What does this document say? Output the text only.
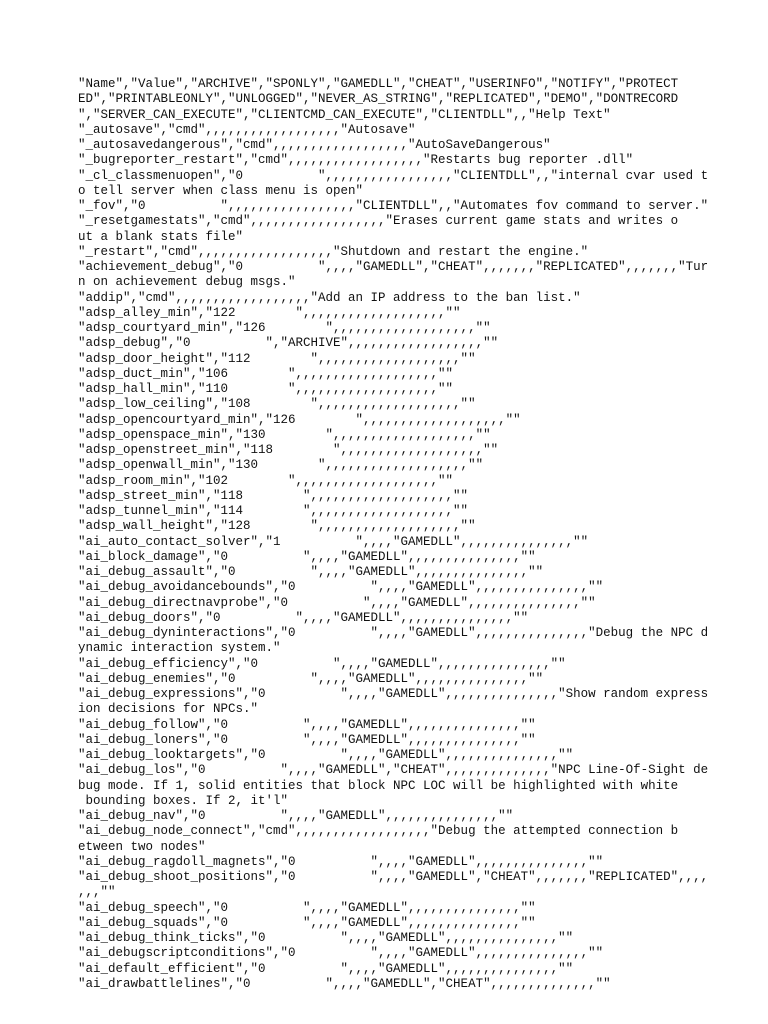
"Name","Value","ARCHIVE","SPONLY","GAMEDLL","CHEAT","USERINFO","NOTIFY","PROTECT
ED","PRINTABLEONLY","UNLOGGED","NEVER_AS_STRING","REPLICATED","DEMO","DONTRECORD
","SERVER_CAN_EXECUTE","CLIENTCMD_CAN_EXECUTE","CLIENTDLL",,"Help Text"
"_autosave","cmd",,,,,,,,,,,,,,,,,,"Autosave"
"_autosavedangerous","cmd",,,,,,,,,,,,,,,,,,"AutoSaveDangerous"
"_bugreporter_restart","cmd",,,,,,,,,,,,,,,,,,"Restarts bug reporter .dll"
"_cl_classmenuopen","0          ",,,,,,,,,,,,,,,,,"CLIENTDLL",,"internal cvar used t
o tell server when class menu is open"
"_fov","0          ",,,,,,,,,,,,,,,,,"CLIENTDLL",,"Automates fov command to server."
"_resetgamestats","cmd",,,,,,,,,,,,,,,,,,"Erases current game stats and writes o
ut a blank stats file"
"_restart","cmd",,,,,,,,,,,,,,,,,,"Shutdown and restart the engine."
"achievement_debug","0          ",,,,"GAMEDLL","CHEAT",,,,,,,"REPLICATED",,,,,,,"Tur
n on achievement debug msgs."
"addip","cmd",,,,,,,,,,,,,,,,,,"Add an IP address to the ban list."
"adsp_alley_min","122        ",,,,,,,,,,,,,,,,,,,""
"adsp_courtyard_min","126        ",,,,,,,,,,,,,,,,,,,""
"adsp_debug","0          ","ARCHIVE",,,,,,,,,,,,,,,,,,""
"adsp_door_height","112        ",,,,,,,,,,,,,,,,,,,""
"adsp_duct_min","106        ",,,,,,,,,,,,,,,,,,,""
"adsp_hall_min","110        ",,,,,,,,,,,,,,,,,,,""
"adsp_low_ceiling","108        ",,,,,,,,,,,,,,,,,,,""
"adsp_opencourtyard_min","126        ",,,,,,,,,,,,,,,,,,,""
"adsp_openspace_min","130        ",,,,,,,,,,,,,,,,,,,""
"adsp_openstreet_min","118        ",,,,,,,,,,,,,,,,,,,""
"adsp_openwall_min","130        ",,,,,,,,,,,,,,,,,,,""
"adsp_room_min","102        ",,,,,,,,,,,,,,,,,,,""
"adsp_street_min","118        ",,,,,,,,,,,,,,,,,,,""
"adsp_tunnel_min","114        ",,,,,,,,,,,,,,,,,,,""
"adsp_wall_height","128        ",,,,,,,,,,,,,,,,,,,""
"ai_auto_contact_solver","1          ",,,,"GAMEDLL",,,,,,,,,,,,,,,""
"ai_block_damage","0          ",,,,"GAMEDLL",,,,,,,,,,,,,,,""
"ai_debug_assault","0          ",,,,"GAMEDLL",,,,,,,,,,,,,,,""
"ai_debug_avoidancebounds","0          ",,,,"GAMEDLL",,,,,,,,,,,,,,,""
"ai_debug_directnavprobe","0          ",,,,"GAMEDLL",,,,,,,,,,,,,,,""
"ai_debug_doors","0          ",,,,"GAMEDLL",,,,,,,,,,,,,,,""
"ai_debug_dyninteractions","0          ",,,,"GAMEDLL",,,,,,,,,,,,,,,"Debug the NPC d
ynamic interaction system."
"ai_debug_efficiency","0          ",,,,"GAMEDLL",,,,,,,,,,,,,,,""
"ai_debug_enemies","0          ",,,,"GAMEDLL",,,,,,,,,,,,,,,""
"ai_debug_expressions","0          ",,,,"GAMEDLL",,,,,,,,,,,,,,,"Show random express
ion decisions for NPCs."
"ai_debug_follow","0          ",,,,"GAMEDLL",,,,,,,,,,,,,,,""
"ai_debug_loners","0          ",,,,"GAMEDLL",,,,,,,,,,,,,,,""
"ai_debug_looktargets","0          ",,,,"GAMEDLL",,,,,,,,,,,,,,,""
"ai_debug_los","0          ",,,,"GAMEDLL","CHEAT",,,,,,,,,,,,,,"NPC Line-Of-Sight de
bug mode. If 1, solid entities that block NPC LOC will be highlighted with white
bounding boxes. If 2, it'l"
"ai_debug_nav","0          ",,,,"GAMEDLL",,,,,,,,,,,,,,,""
"ai_debug_node_connect","cmd",,,,,,,,,,,,,,,,,,"Debug the attempted connection b
etween two nodes"
"ai_debug_ragdoll_magnets","0          ",,,,"GAMEDLL",,,,,,,,,,,,,,,""
"ai_debug_shoot_positions","0          ",,,,"GAMEDLL","CHEAT",,,,,,,"REPLICATED",,,,
,,,""
"ai_debug_speech","0          ",,,,"GAMEDLL",,,,,,,,,,,,,,,""
"ai_debug_squads","0          ",,,,"GAMEDLL",,,,,,,,,,,,,,,""
"ai_debug_think_ticks","0          ",,,,"GAMEDLL",,,,,,,,,,,,,,,""
"ai_debugscriptconditions","0          ",,,,"GAMEDLL",,,,,,,,,,,,,,,""
"ai_default_efficient","0          ",,,,"GAMEDLL",,,,,,,,,,,,,,,""
"ai_drawbattlelines","0          ",,,,"GAMEDLL","CHEAT",,,,,,,,,,,,,,""
